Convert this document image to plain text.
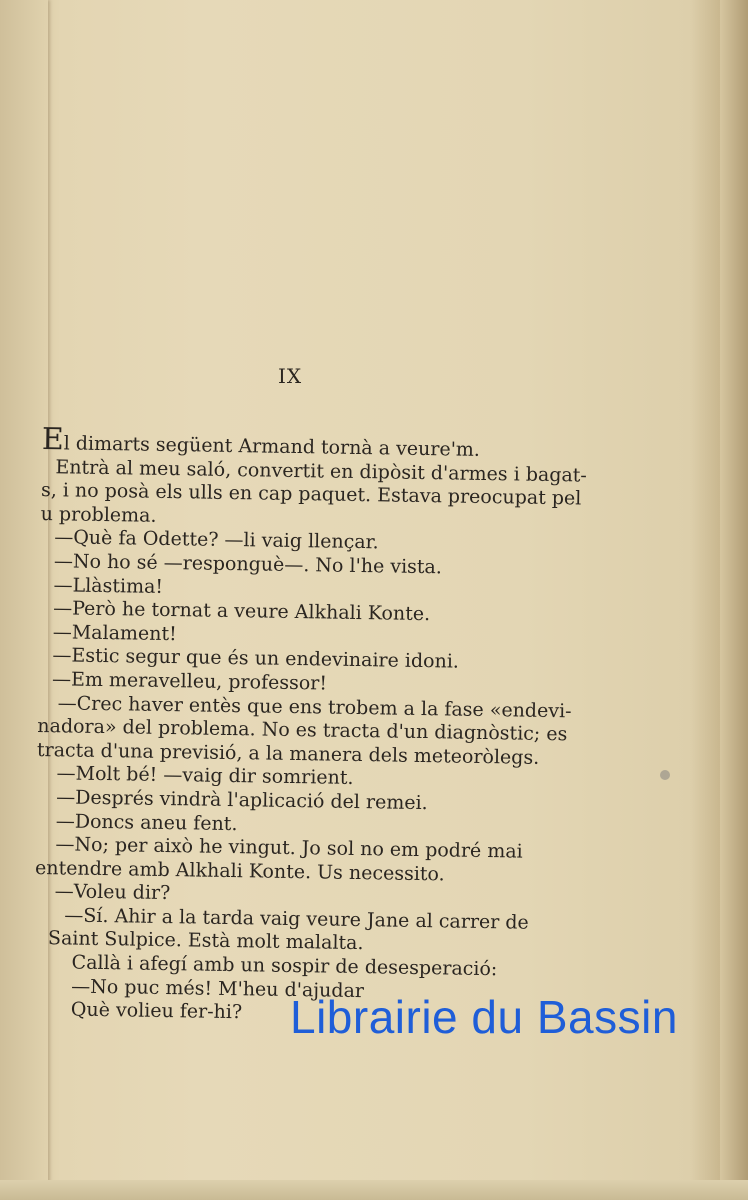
IX
El dimarts següent Armand tornà a veure'm.
Entrà al meu saló, convertit en dipòsit d'armes i bagat-
s, i no posà els ulls en cap paquet. Estava preocupat pel
u problema.
—Què fa Odette? —li vaig llençar.
—No ho sé —responguè—. No l'he vista.
—Llàstima!
—Però he tornat a veure Alkhali Konte.
—Malament!
—Estic segur que és un endevinaire idoni.
—Em meravelleu, professor!
—Crec haver entès que ens trobem a la fase «endevi-
nadora» del problema. No es tracta d'un diagnòstic; es
tracta d'una previsió, a la manera dels meteoròlegs.
—Molt bé! —vaig dir somrient.
—Després vindrà l'aplicació del remei.
—Doncs aneu fent.
—No; per això he vingut. Jo sol no em podré mai
entendre amb Alkhali Konte. Us necessito.
—Voleu dir?
—Sí. Ahir a la tarda vaig veure Jane al carrer de
Saint Sulpice. Està molt malalta.
Callà i afegí amb un sospir de desesperació:
—No puc més! M'heu d'ajudar
Què volieu fer-hi?	Librairie du Bassin
